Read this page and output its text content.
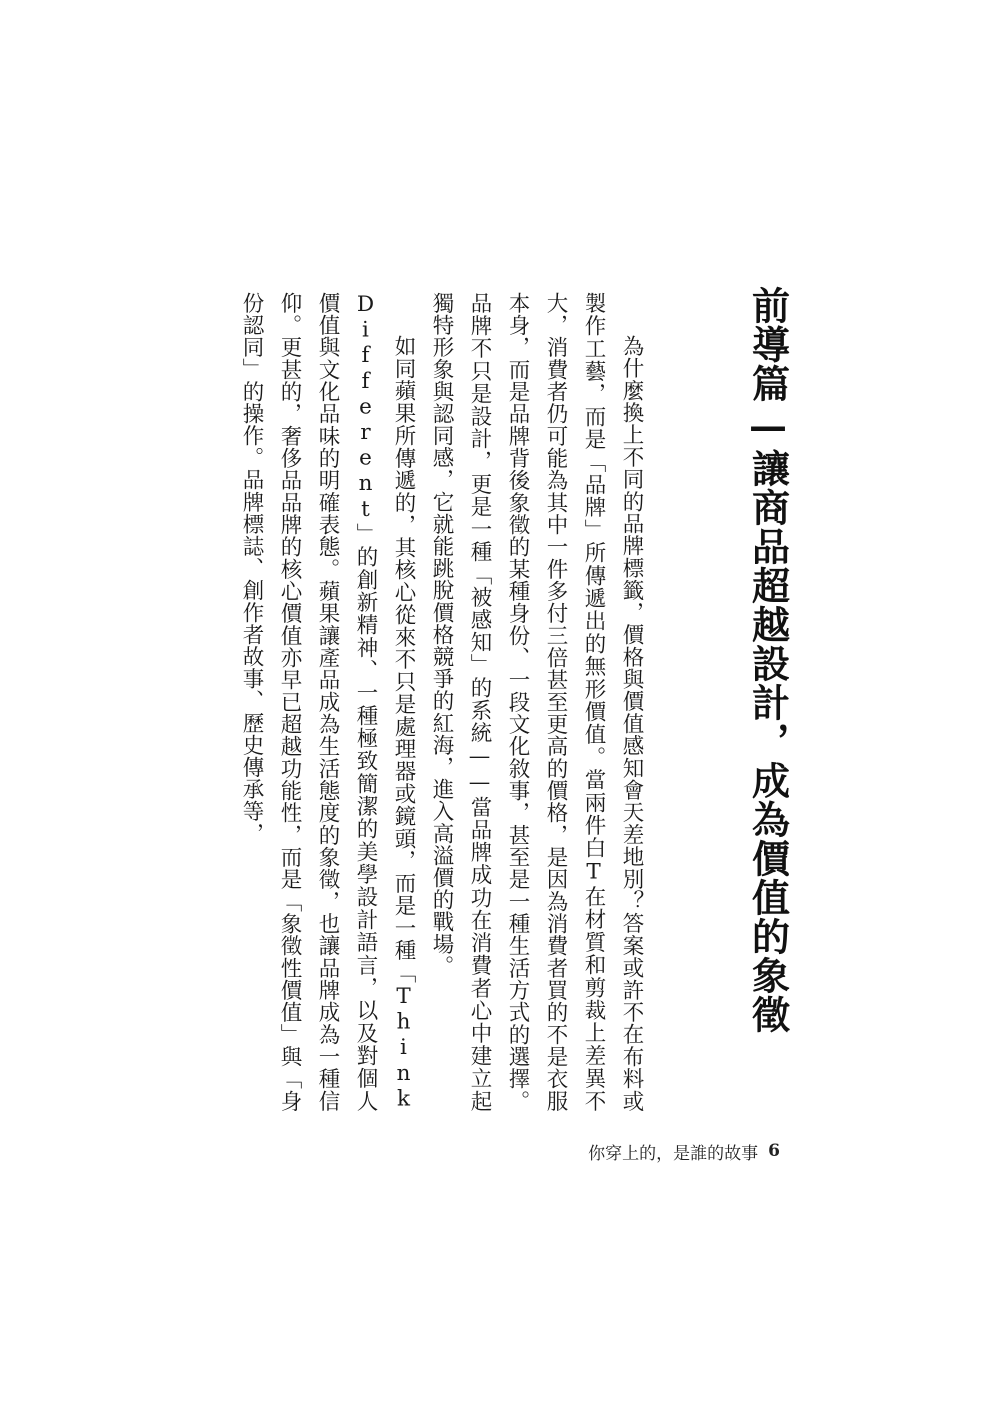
前導篇—讓商品超越設計，成為價值的象徵

為什麼換上不同的品牌標籤，價格與價值感知會天差地別？答案或許不在布料或製作工藝，而是「品牌」所傳遞出的無形價值。當兩件白T在材質和剪裁上差異不大，消費者仍可能為其中一件多付三倍甚至更高的價格，是因為消費者買的不是衣服本身，而是品牌背後象徵的某種身份、一段文化敘事，甚至是一種生活方式的選擇。品牌不只是設計，更是一種「被感知」的系統——當品牌成功在消費者心中建立起獨特形象與認同感，它就能跳脫價格競爭的紅海，進入高溢價的戰場。

如同蘋果所傳遞的，其核心從來不只是處理器或鏡頭，而是一種「Think Different」的創新精神、一種極致簡潔的美學設計語言，以及對個人價值與文化品味的明確表態。蘋果讓產品成為生活態度的象徵，也讓品牌成為一種信仰。更甚的，奢侈品品牌的核心價值亦早已超越功能性，而是「象徵性價值」與「身份認同」的操作。品牌標誌、創作者故事、歷史傳承等，

你穿上的，是誰的故事 6
